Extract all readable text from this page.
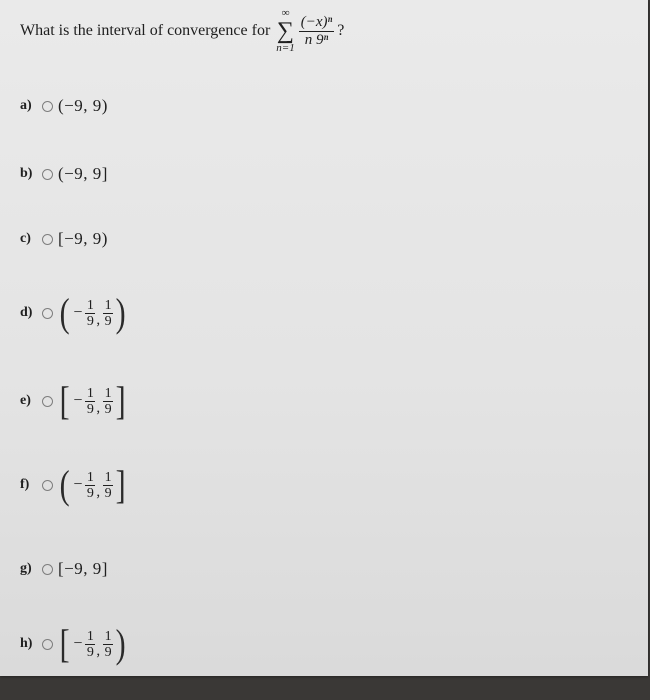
What is the interval of convergence for
∞
∑
$n=1 \frac{\text{(−x)ⁿ}}{\text{n 9ⁿ}}$ ?
a)	(−9, 9)
b)	(−9, 9]
c)	[−9, 9)
d) ( − $\frac{1}{9}$ , $\frac{1}{9}$ )
e) [ − $\frac{1}{9}$ , $\frac{1}{9}$ ]
f) ( − $\frac{1}{9}$ , $\frac{1}{9}$ ]
g)	[−9, 9]
h) [ − $\frac{1}{9}$ , $\frac{1}{9}$ )
